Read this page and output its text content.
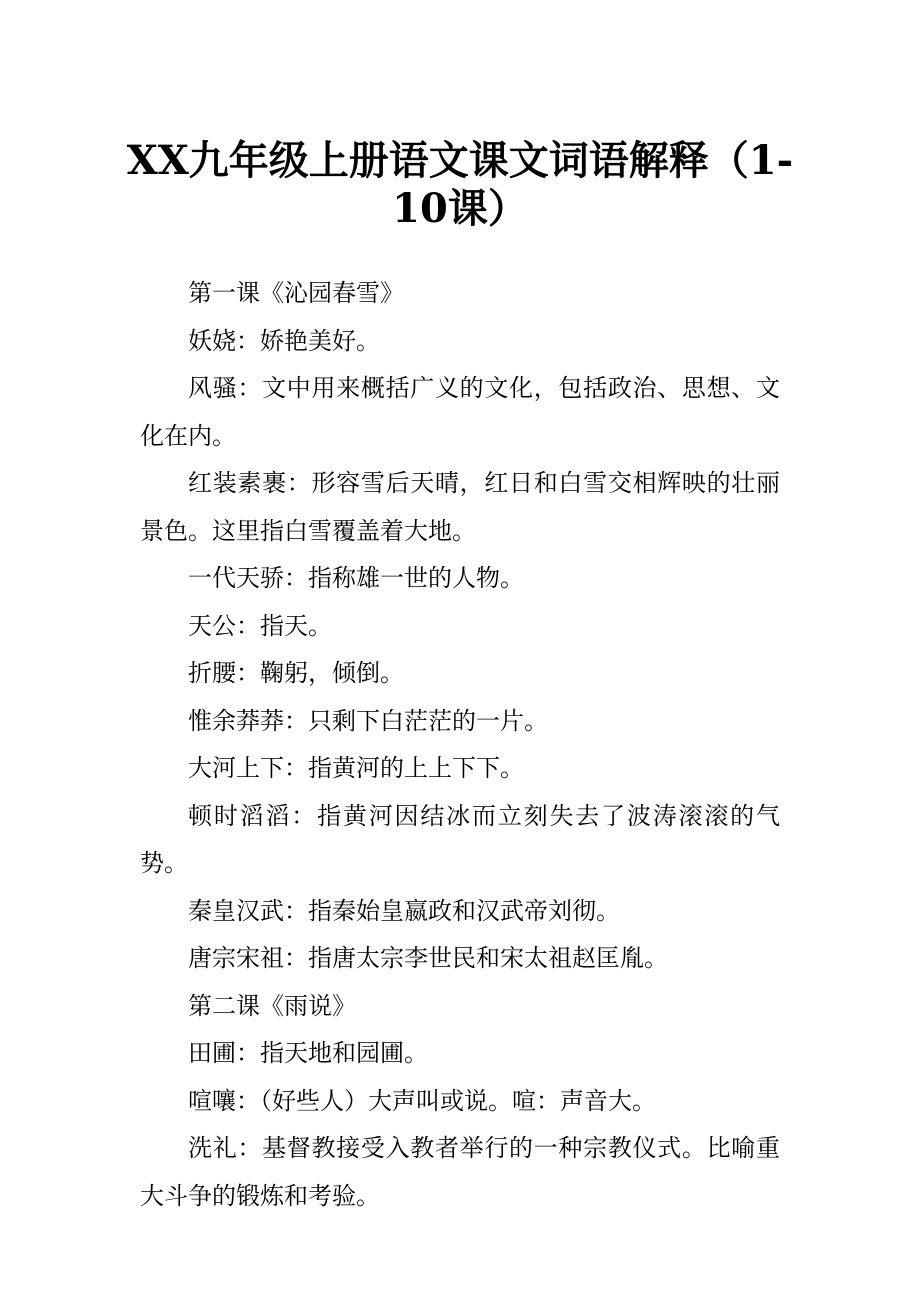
XX九年级上册语文课文词语解释（1-10课）

第一课《沁园春雪》

妖娆：娇艳美好。

风骚：文中用来概括广义的文化，包括政治、思想、文化在内。

红装素裹：形容雪后天晴，红日和白雪交相辉映的壮丽景色。这里指白雪覆盖着大地。

一代天骄：指称雄一世的人物。

天公：指天。

折腰：鞠躬，倾倒。

惟余莽莽：只剩下白茫茫的一片。

大河上下：指黄河的上上下下。

顿时滔滔：指黄河因结冰而立刻失去了波涛滚滚的气势。

秦皇汉武：指秦始皇嬴政和汉武帝刘彻。

唐宗宋祖：指唐太宗李世民和宋太祖赵匡胤。

第二课《雨说》

田圃：指天地和园圃。

喧嚷：（好些人）大声叫或说。喧：声音大。

洗礼：基督教接受入教者举行的一种宗教仪式。比喻重大斗争的锻炼和考验。
